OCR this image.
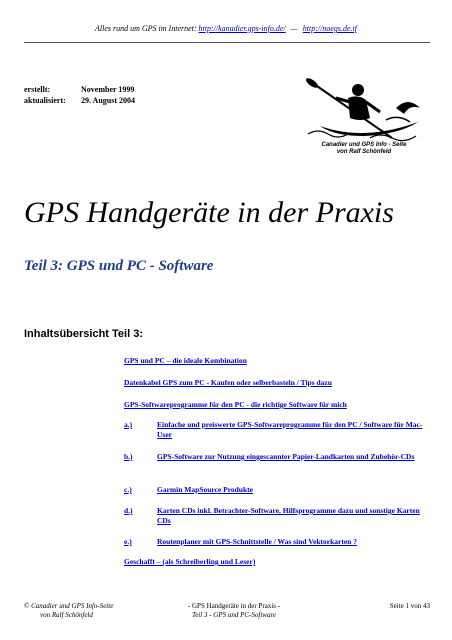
Alles rund um GPS im Internet: http://kanadier.gps-info.de/ — http://noegs.de.tf
erstellt:	November 1999
aktualisiert:	29. August 2004
Canadier und GPS Info - Seite
von Ralf Schönfeld
GPS Handgeräte in der Praxis
Teil 3: GPS und PC - Software
Inhaltsübersicht Teil 3:
GPS und PC – die ideale Kombination
Datenkabel GPS zum PC - Kaufen oder selberbasteln / Tips dazu
GPS-Softwareprogramme für den PC - die richtige Software für mich
a.)	Einfache und preiswerte GPS-Softwareprogramme für den PC / Software für Mac-User
b.)	GPS-Software zur Nutzung eingescannter Papier-Landkarten und Zubehör-CDs
c.)	Garmin MapSource Produkte
d.)	Karten CDs inkl. Betrachter-Software, Hilfsprogramme dazu und sonstige Karten CDs
e.)	Routenplaner mit GPS-Schnittstelle / Was sind Vektorkarten ?
Geschafft – (als Schreiberling und Leser)
© Canadier und GPS Info-Seite
von Ralf Schönfeld
- GPS Handgeräte in der Praxis -
Teil 3 - GPS und PC-Software
Seite 1 von 43
